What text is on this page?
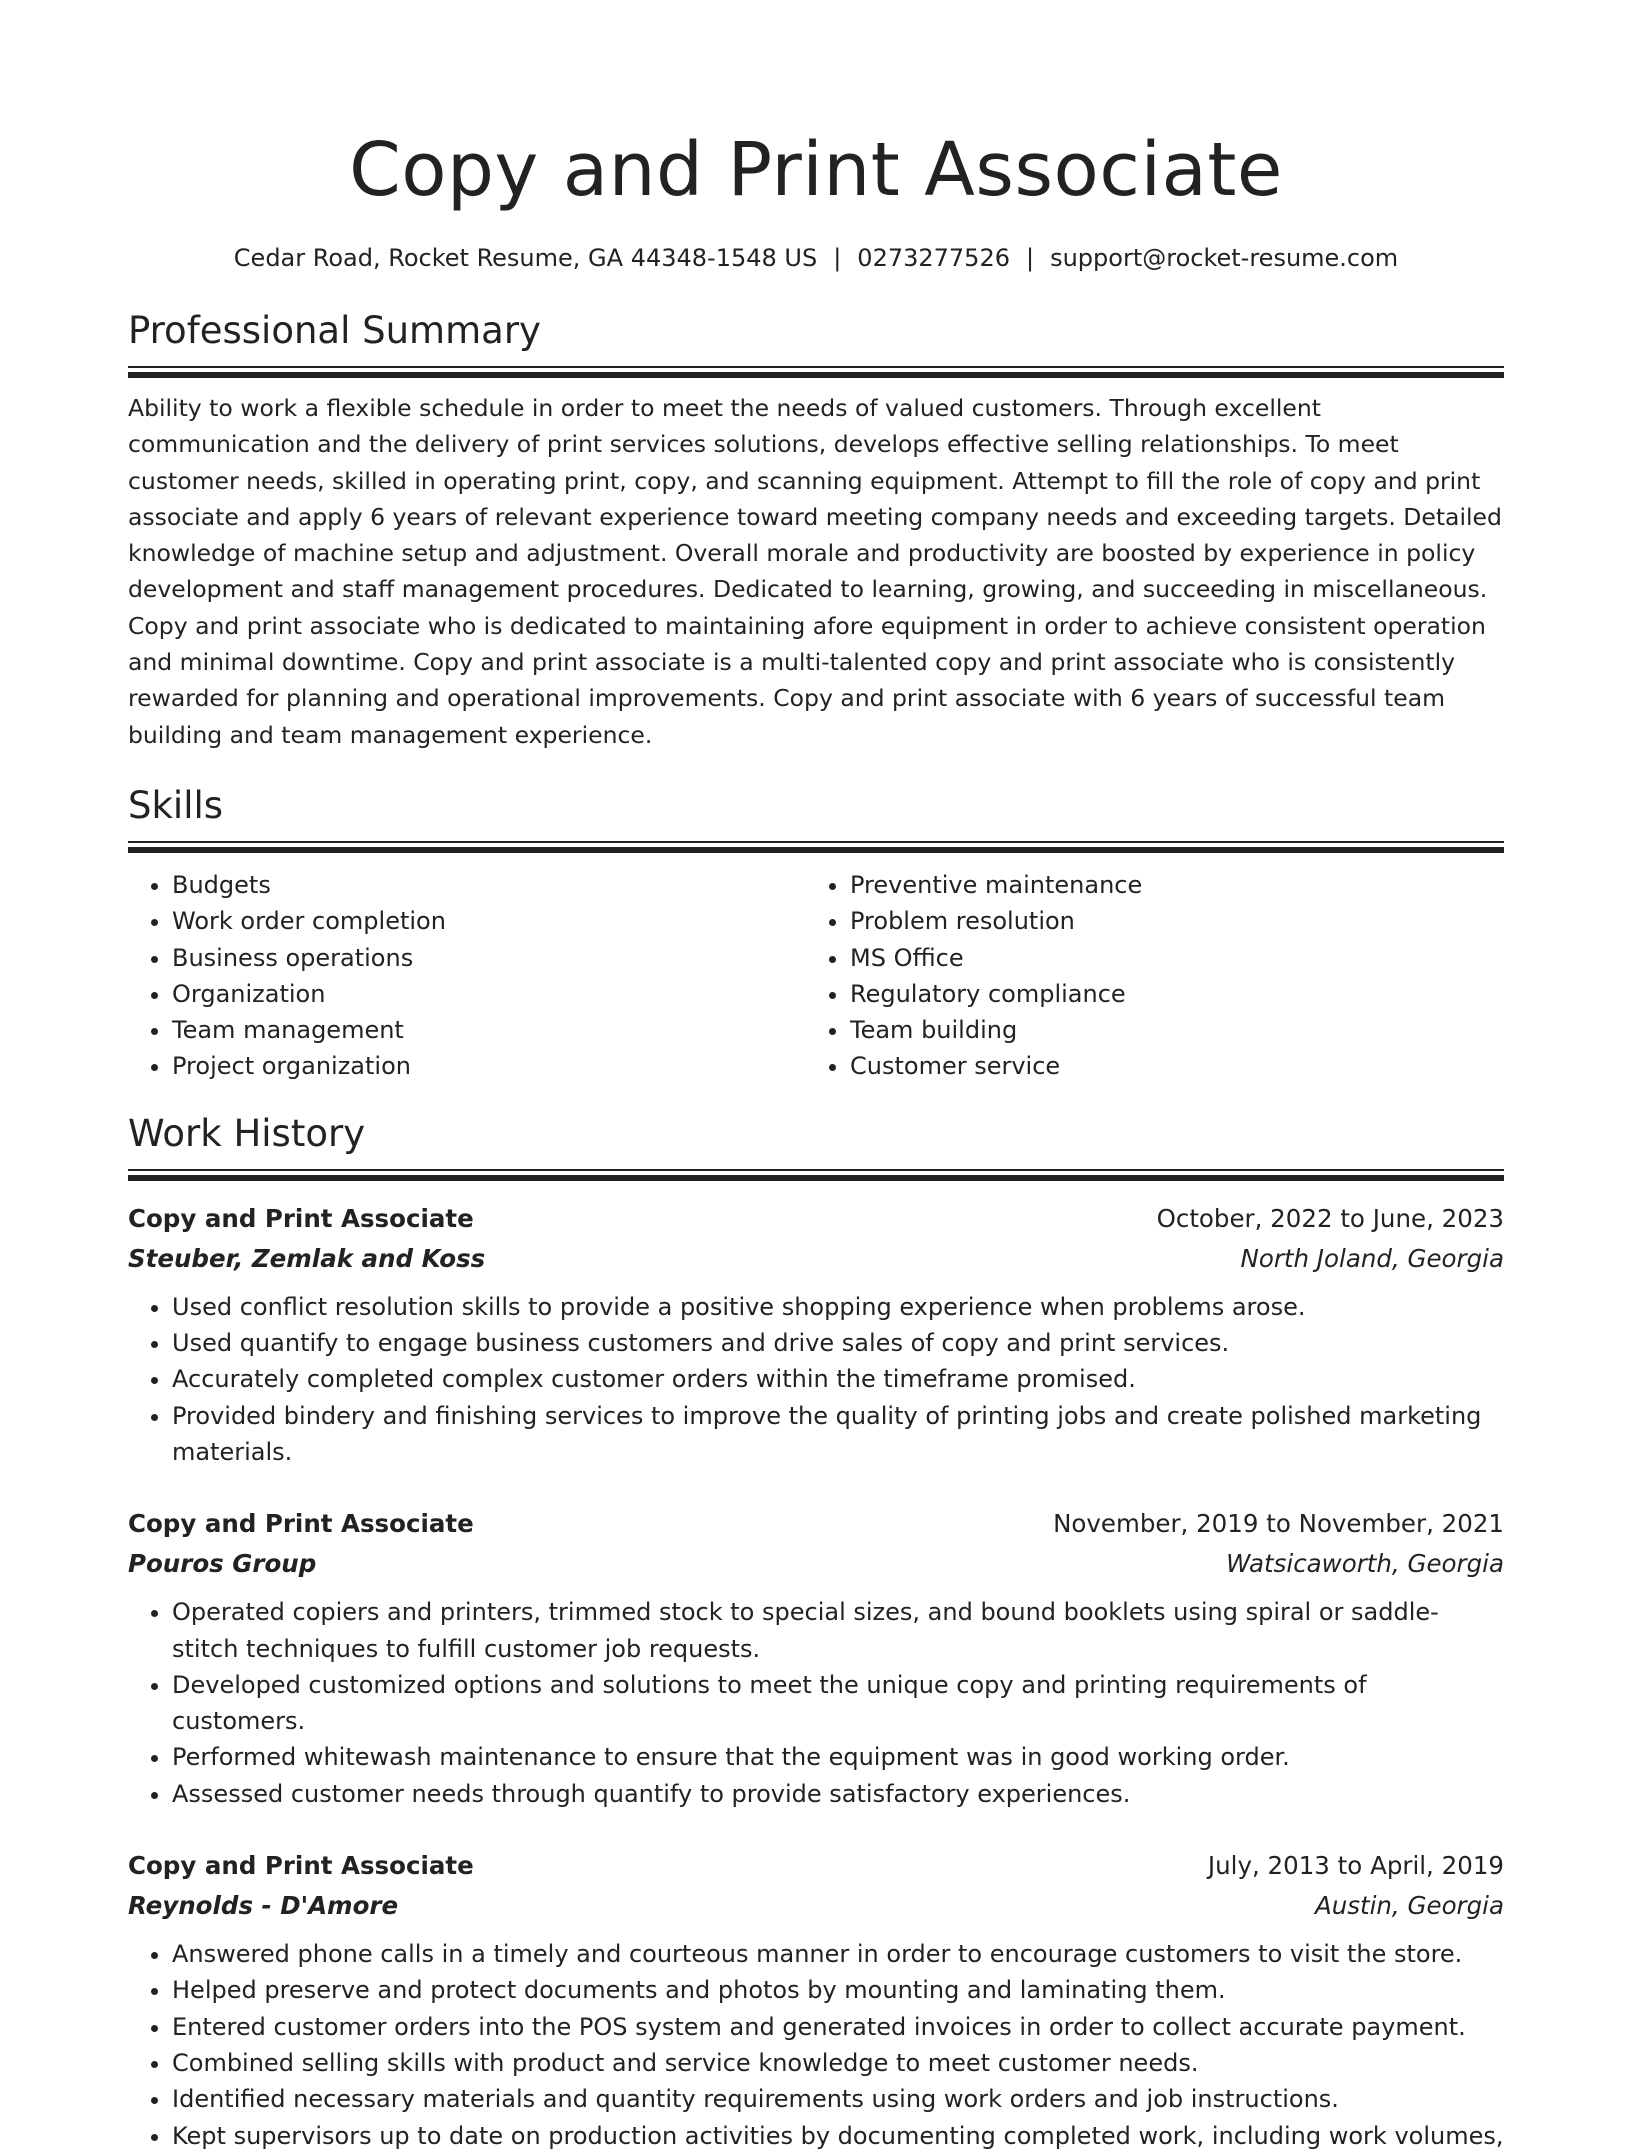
Copy and Print Associate
Cedar Road, Rocket Resume, GA 44348-1548 US | 0273277526 | support@rocket-resume.com
Professional Summary

Ability to work a flexible schedule in order to meet the needs of valued customers. Through excellent communication and the delivery of print services solutions, develops effective selling relationships. To meet customer needs, skilled in operating print, copy, and scanning equipment. Attempt to fill the role of copy and print associate and apply 6 years of relevant experience toward meeting company needs and exceeding targets. Detailed knowledge of machine setup and adjustment. Overall morale and productivity are boosted by experience in policy development and staff management procedures. Dedicated to learning, growing, and succeeding in miscellaneous. Copy and print associate who is dedicated to maintaining afore equipment in order to achieve consistent operation and minimal downtime. Copy and print associate is a multi-talented copy and print associate who is consistently rewarded for planning and operational improvements. Copy and print associate with 6 years of successful team building and team management experience.

Skills
• Budgets
• Work order completion
• Business operations
• Organization
• Team management
• Project organization
• Preventive maintenance
• Problem resolution
• MS Office
• Regulatory compliance
• Team building
• Customer service
Work History
Copy and Print Associate	October, 2022 to June, 2023
Steuber, Zemlak and Koss	North Joland, Georgia
• Used conflict resolution skills to provide a positive shopping experience when problems arose.
• Used quantify to engage business customers and drive sales of copy and print services.
• Accurately completed complex customer orders within the timeframe promised.
• Provided bindery and finishing services to improve the quality of printing jobs and create polished marketing materials.
Copy and Print Associate	November, 2019 to November, 2021
Pouros Group	Watsicaworth, Georgia
• Operated copiers and printers, trimmed stock to special sizes, and bound booklets using spiral or saddle-stitch techniques to fulfill customer job requests.
• Developed customized options and solutions to meet the unique copy and printing requirements of customers.
• Performed whitewash maintenance to ensure that the equipment was in good working order.
• Assessed customer needs through quantify to provide satisfactory experiences.
Copy and Print Associate	July, 2013 to April, 2019
Reynolds - D'Amore	Austin, Georgia
• Answered phone calls in a timely and courteous manner in order to encourage customers to visit the store.
• Helped preserve and protect documents and photos by mounting and laminating them.
• Entered customer orders into the POS system and generated invoices in order to collect accurate payment.
• Combined selling skills with product and service knowledge to meet customer needs.
• Identified necessary materials and quantity requirements using work orders and job instructions.
• Kept supervisors up to date on production activities by documenting completed work, including work volumes,
